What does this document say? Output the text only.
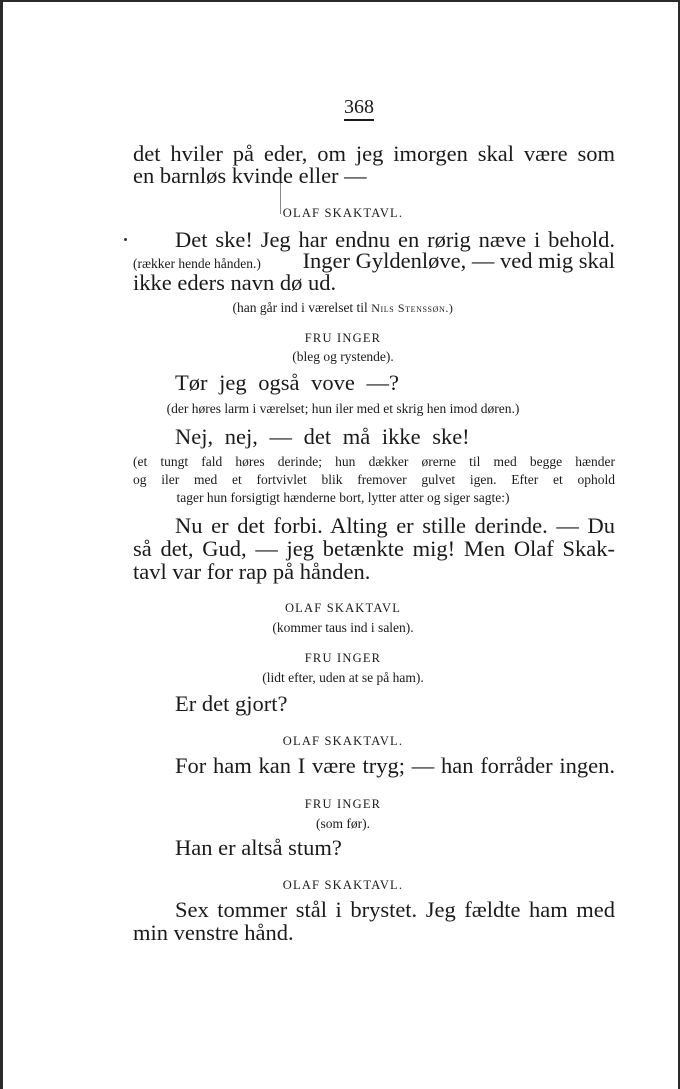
368
det hviler på eder, om jeg imorgen skal være som
en barnløs kvinde eller —
OLAF SKAKTAVL.
Det ske! Jeg har endnu en rørig næve i behold.
(rækker hende hånden.) Inger Gyldenløve, — ved mig skal
ikke eders navn dø ud.
(han går ind i værelset til Nils Stenssøn.)
FRU INGER
(bleg og rystende).
Tør jeg også vove —?
(der høres larm i værelset; hun iler med et skrig hen imod døren.)
Nej, nej, — det må ikke ske!
(et tungt fald høres derinde; hun dækker ørerne til med begge hænder
og iler med et fortvivlet blik fremover gulvet igen. Efter et ophold
tager hun forsigtigt hænderne bort, lytter atter og siger sagte:)
Nu er det forbi. Alting er stille derinde. — Du
så det, Gud, — jeg betænkte mig! Men Olaf Skak-
tavl var for rap på hånden.
OLAF SKAKTAVL
(kommer taus ind i salen).
FRU INGER
(lidt efter, uden at se på ham).
Er det gjort?
OLAF SKAKTAVL.
For ham kan I være tryg; — han forråder ingen.
FRU INGER
(som før).
Han er altså stum?
OLAF SKAKTAVL.
Sex tommer stål i brystet. Jeg fældte ham med
min venstre hånd.
